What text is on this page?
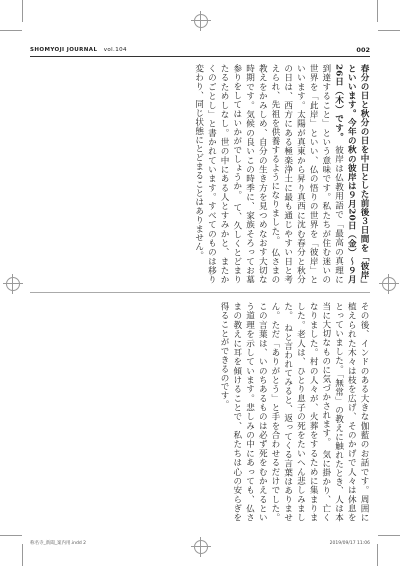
SHOMYOJI JOURNAL vol.104	002
春分の日と秋分の日を中日とした前後３日間を「彼岸」といいます。今年の秋の彼岸は９月20日（金）〜９月26日（木）です。 彼岸は仏教用語で「最高の真理に到達すること」という意味です。私たちが住む迷いの世界を「此岸」といい、仏の悟りの世界を「彼岸」といいます。太陽が真東から昇り真西に沈む春分と秋分の日は、西方にある極楽浄土に最も通じやすい日と考えられ、先祖を供養するようになりました。 仏さまの教えをかみしめ、自分の生き方を見つめなおす大切な時期です。気候の良いこの時季に、家族そろってお墓参りをしてはいかがでしょうか。 て、久しくとどまりたるためしなし。世の中にある人とすみかと、またかくのごとし」と書かれています。すべてのものは移り変わり、同じ状態にとどまることはありません。
その後、インドのある大きな伽藍のお話です。周囲に植えられた木々は枝を広げ、そのかげで人々は休息をとっていました。「無常」の教えに触れたとき、人は本当に大切なものに気づかされます。 気に掛かり、亡くなりました。村の人々が、火葬をするために集まりました。老人は、ひとり息子の死をたいへん悲しみました。 ねと言われてみると、返ってくる言葉はありません。ただ「ありがとう」と手を合わせるだけでした。 この言葉は、いのちあるものは必ず死をむかえるという道理を示しています。悲しみの中にあっても、仏さまの教えに耳を傾けることで、私たちは心の安らぎを得ることができるのです。
称名寺_新聞_案内用.indd 2	2019/09/17 11:06
